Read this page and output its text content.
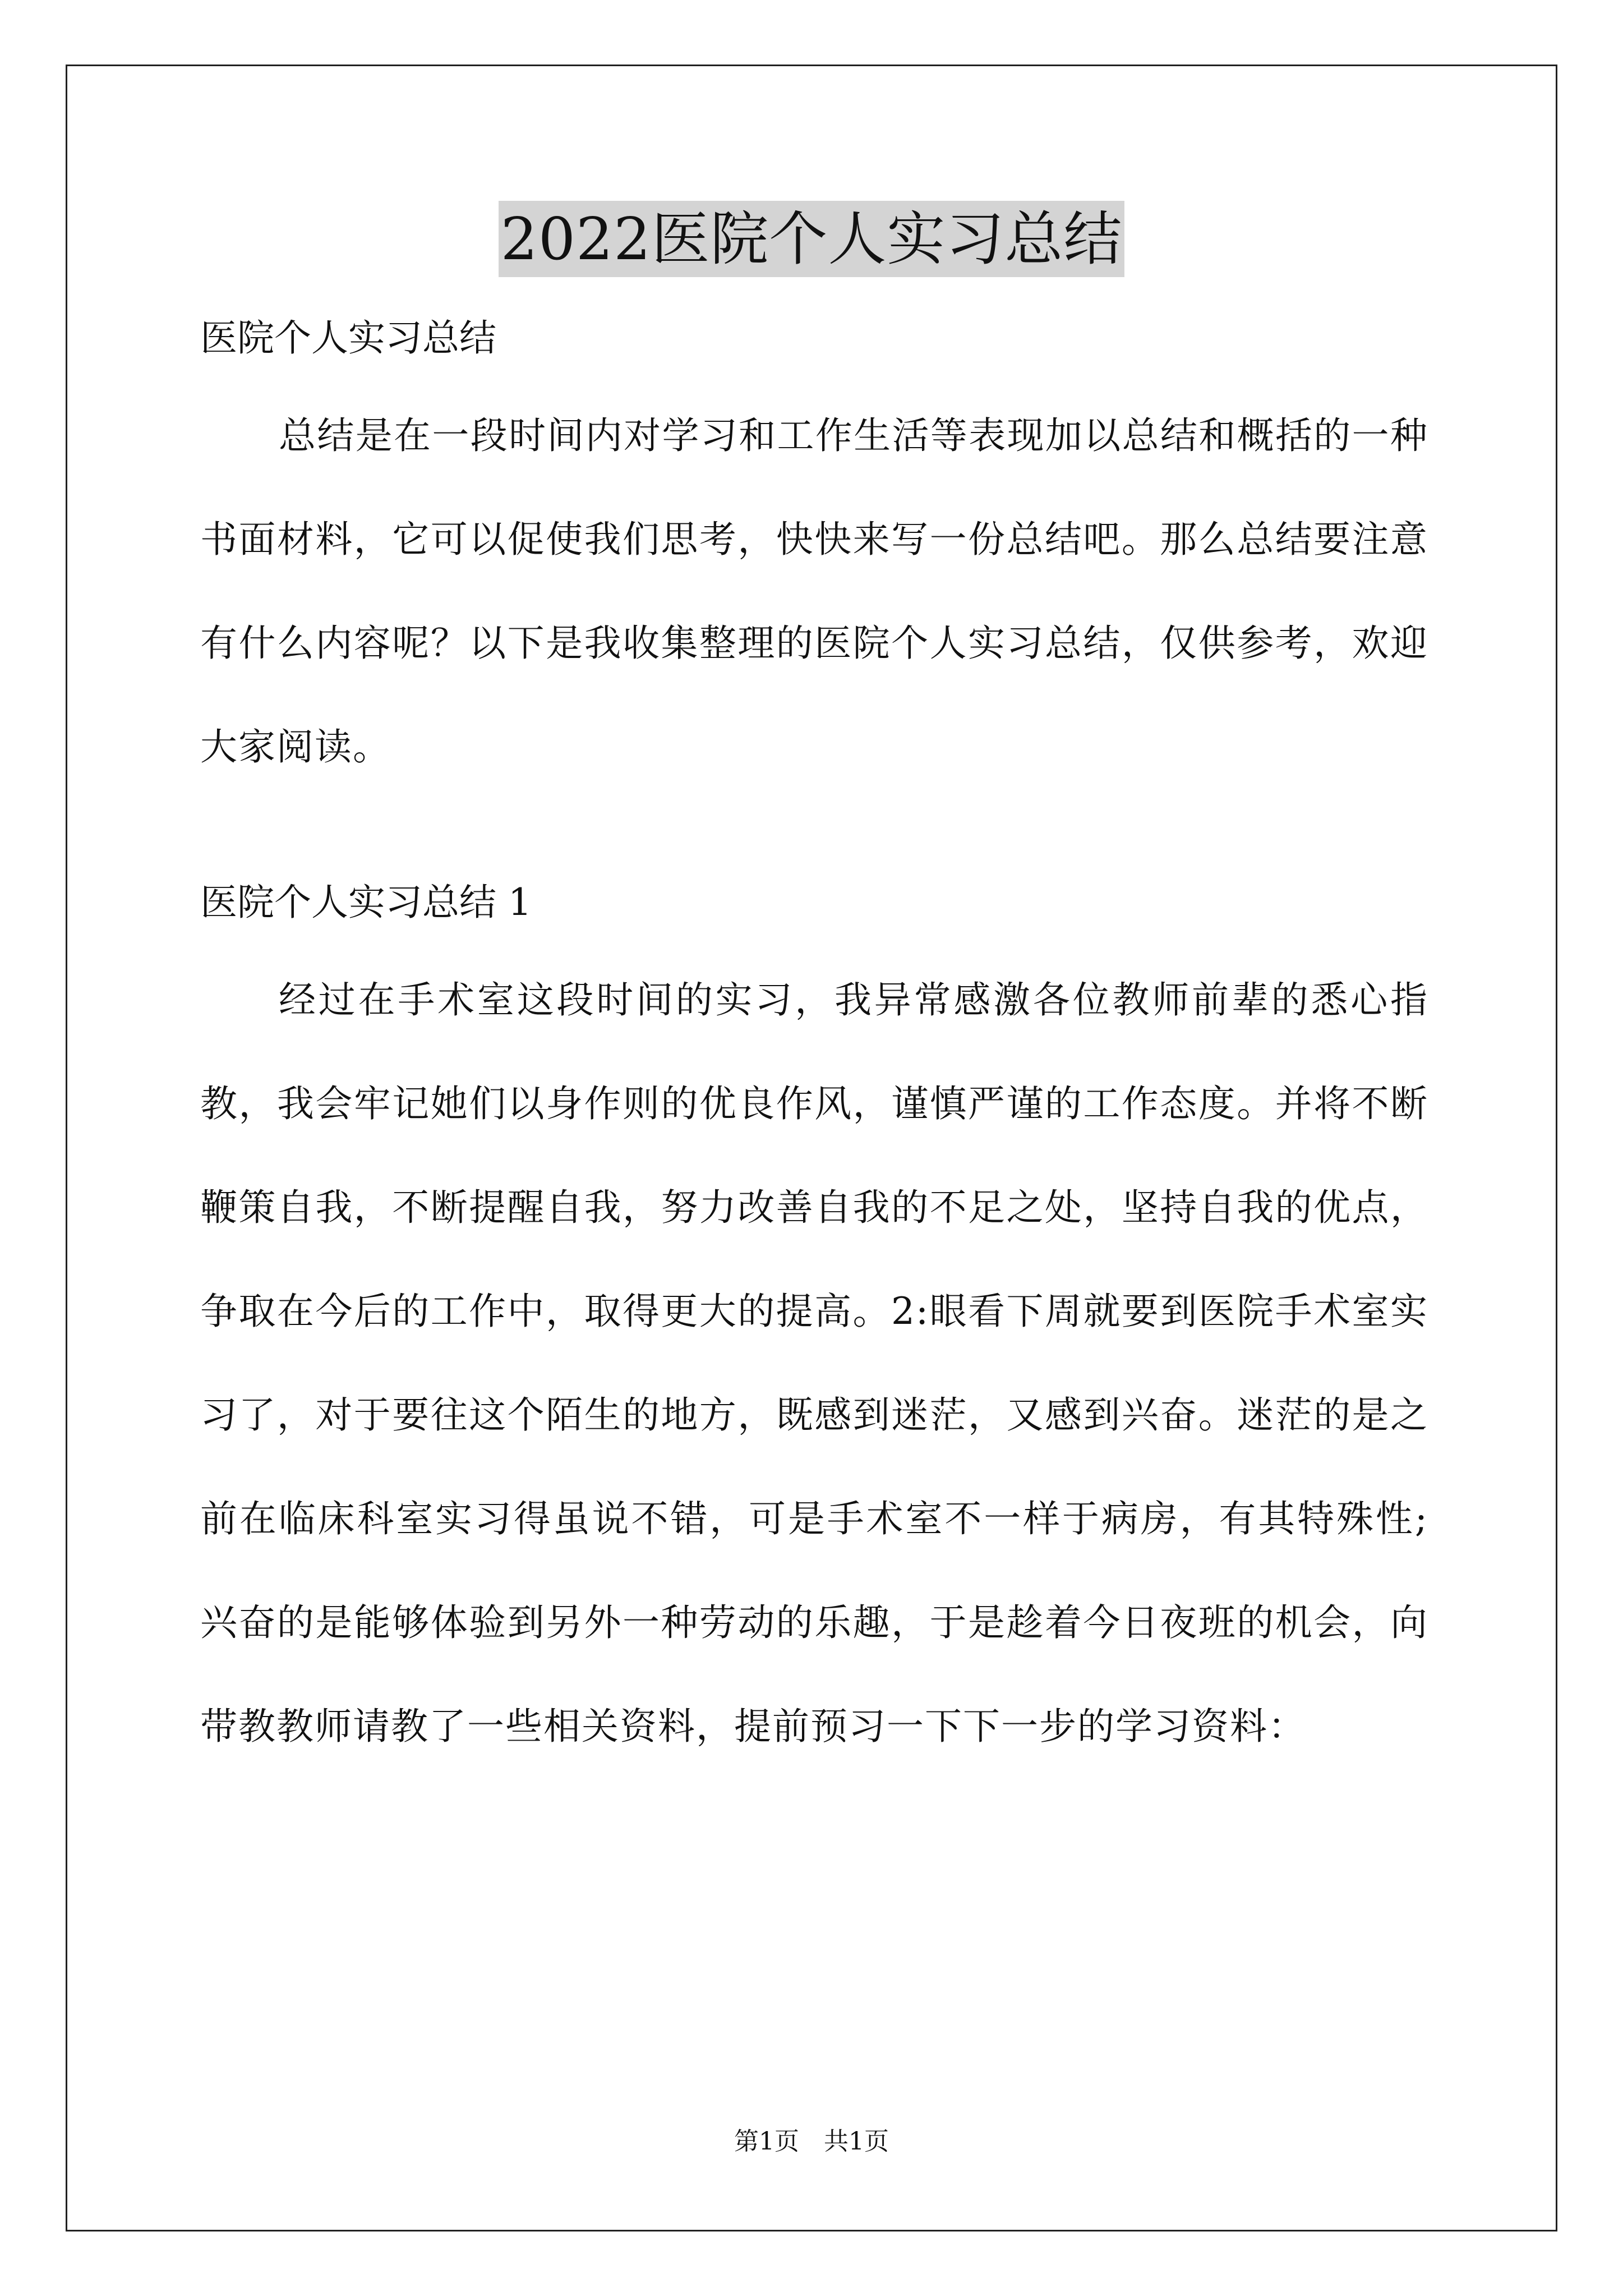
2022医院个人实习总结

医院个人实习总结

总结是在一段时间内对学习和工作生活等表现加以总结和概括的一种书面材料，它可以促使我们思考，快快来写一份总结吧。那么总结要注意有什么内容呢？以下是我收集整理的医院个人实习总结，仅供参考，欢迎大家阅读。

医院个人实习总结 1

经过在手术室这段时间的实习，我异常感激各位教师前辈的悉心指教，我会牢记她们以身作则的优良作风，谨慎严谨的工作态度。并将不断鞭策自我，不断提醒自我，努力改善自我的不足之处，坚持自我的优点，争取在今后的工作中，取得更大的提高。2:眼看下周就要到医院手术室实习了，对于要往这个陌生的地方，既感到迷茫，又感到兴奋。迷茫的是之前在临床科室实习得虽说不错，可是手术室不一样于病房，有其特殊性;兴奋的是能够体验到另外一种劳动的乐趣，于是趁着今日夜班的机会，向带教教师请教了一些相关资料，提前预习一下下一步的学习资料：

第1页　共1页
